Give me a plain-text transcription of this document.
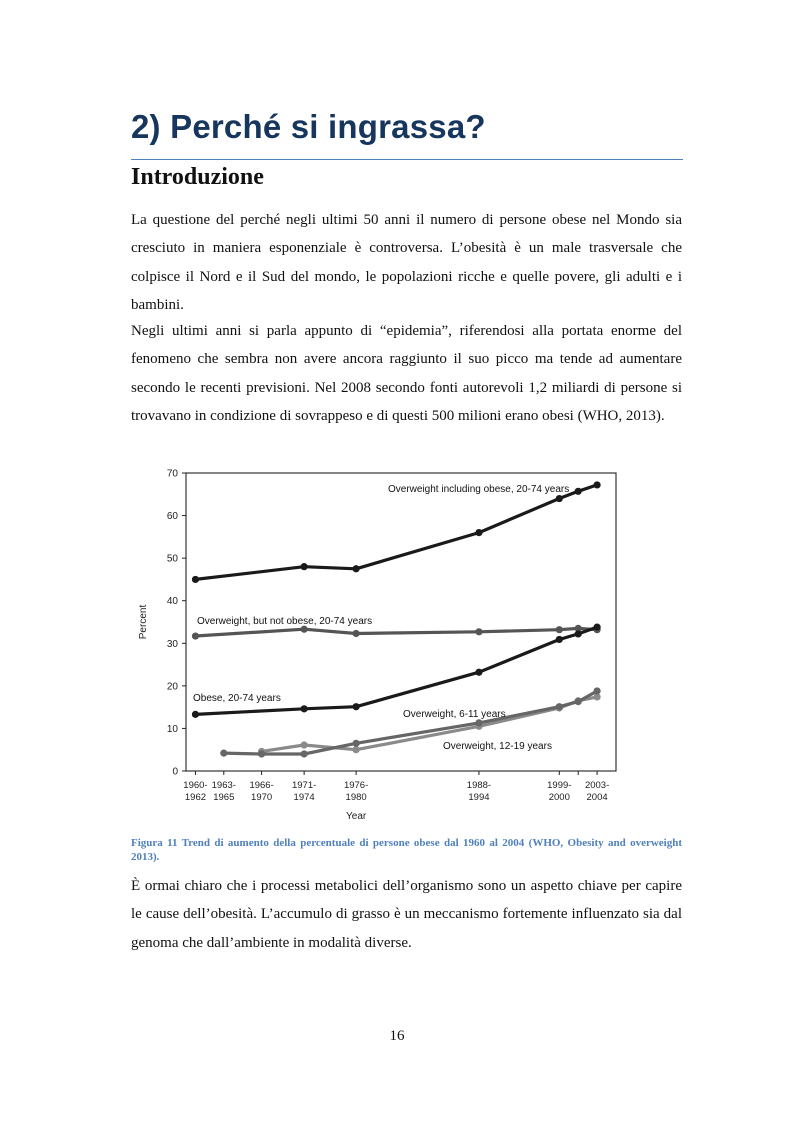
2) Perché si ingrassa?
Introduzione

La questione del perché negli ultimi 50 anni il numero di persone obese nel Mondo sia cresciuto in maniera esponenziale è controversa. L’obesità è un male trasversale che colpisce il Nord e il Sud del mondo, le popolazioni ricche e quelle povere, gli adulti e i bambini.

Negli ultimi anni si parla appunto di “epidemia”, riferendosi alla portata enorme del fenomeno che sembra non avere ancora raggiunto il suo picco ma tende ad aumentare secondo le recenti previsioni. Nel 2008 secondo fonti autorevoli 1,2 miliardi di persone si trovavano in condizione di sovrappeso e di questi 500 milioni erano obesi (WHO, 2013).

0
10
20
30
40
50
60
70
1960-
1962
1963-
1965
1966-
1970
1971-
1974
1976-
1980
1988-
1994
1999-
2000
2003-
2004
Year
Percent
Overweight including obese, 20-74 years
Overweight, but not obese, 20-74 years
Obese, 20-74 years
Overweight, 6-11 years
Overweight, 12-19 years
Figura 11 Trend di aumento della percentuale di persone obese dal 1960 al 2004 (WHO, Obesity and overweight 2013).

È ormai chiaro che i processi metabolici dell’organismo sono un aspetto chiave per capire le cause dell’obesità. L’accumulo di grasso è un meccanismo fortemente influenzato sia dal genoma che dall’ambiente in modalità diverse.

16
